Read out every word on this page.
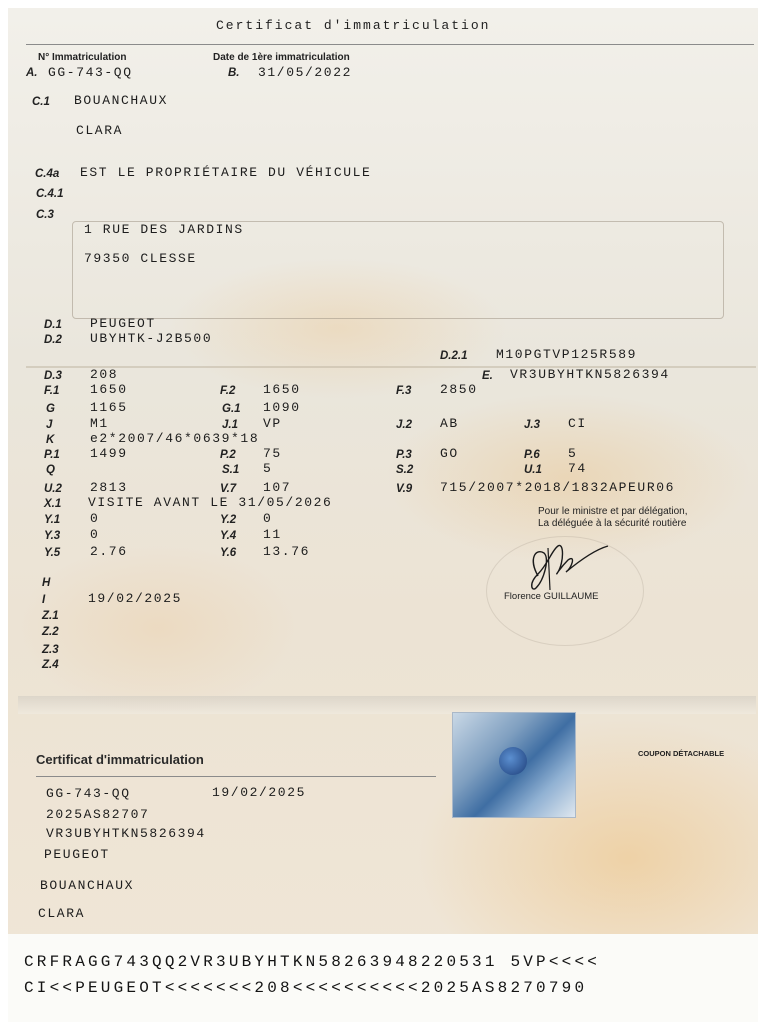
Certificat d'immatriculation
N° Immatriculation
A. GG-743-QQ
Date de 1ère immatriculation
B. 31/05/2022
C.1 BOUANCHAUX
CLARA
C.4a EST LE PROPRIÉTAIRE DU VÉHICULE
C.4.1
C.3
1 RUE DES JARDINS
79350 CLESSE
D.1 PEUGEOT
D.2 UBYHTK-J2B500
D.2.1 M10PGTVP125R589
D.3 208	E. VR3UBYHTKN5826394
F.1 1650	F.2 1650	F.3 2850
G	1165	G.1 1090
J	M1	J.1 VP	J.2 AB	J.3 CI
K	e2*2007/46*0639*18
P.1 1499	P.2 75	P.3 GO	P.6 5
Q	S.1 5	S.2	U.1 74
U.2 2813	V.7 107	V.9 715/2007*2018/1832APEUR06
X.1 VISITE AVANT LE 31/05/2026
Y.1 0	Y.2 0
Y.3 0	Y.4 11
Y.5 2.76	Y.6 13.76
H
I	19/02/2025
Z.1
Z.2
Z.3
Z.4
Pour le ministre et par délégation,
La déléguée à la sécurité routière
Florence GUILLAUME
COUPON DÉTACHABLE
Certificat d'immatriculation
GG-743-QQ	19/02/2025
2025AS82707
VR3UBYHTKN5826394
PEUGEOT
BOUANCHAUX
CLARA
CRFRAGG743QQ2VR3UBYHTKN58263948220531 5VP<<<<
CI<<PEUGEOT<<<<<<<208<<<<<<<<<<2025AS8270790
